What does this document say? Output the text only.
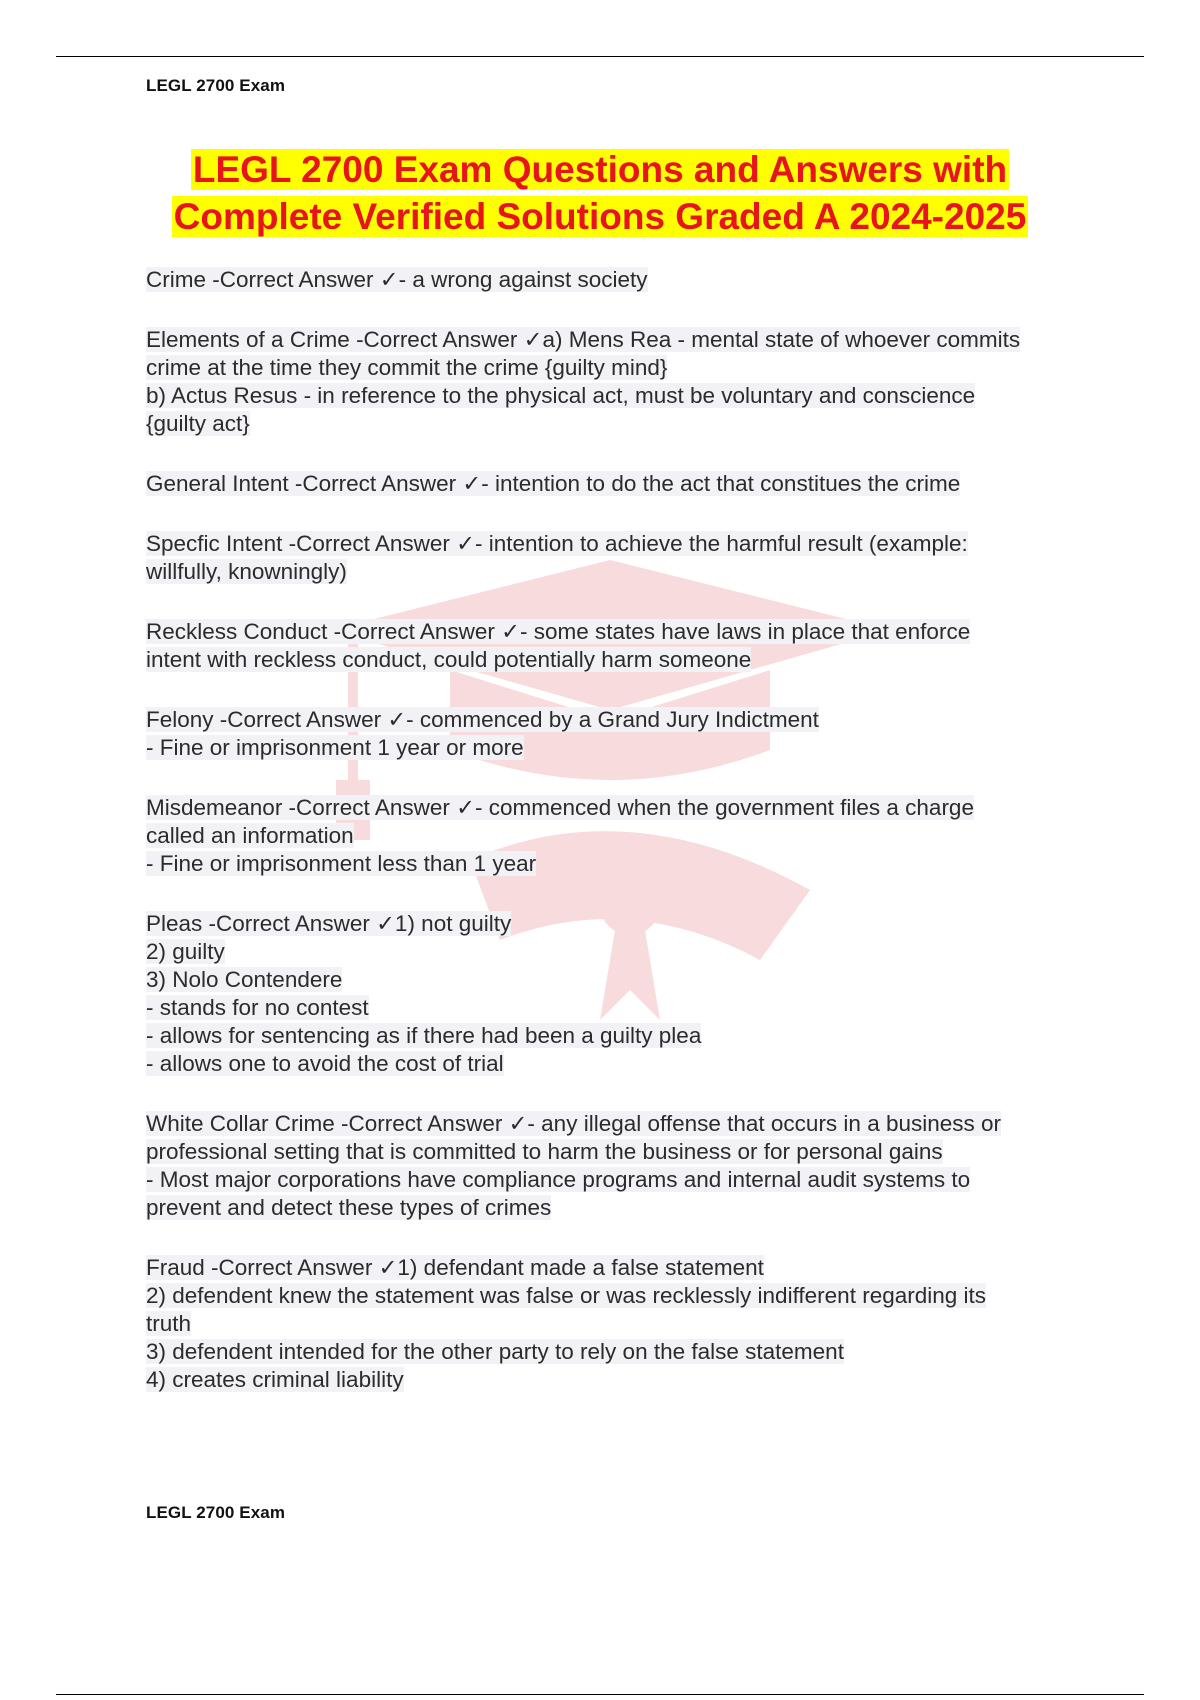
LEGL 2700 Exam
LEGL 2700 Exam Questions and Answers with
Complete Verified Solutions Graded A 2024-2025
Crime -Correct Answer ✓- a wrong against society
Elements of a Crime -Correct Answer ✓a) Mens Rea - mental state of whoever commits
crime at the time they commit the crime {guilty mind}
b) Actus Resus - in reference to the physical act, must be voluntary and conscience
{guilty act}
General Intent -Correct Answer ✓- intention to do the act that constitues the crime
Specfic Intent -Correct Answer ✓- intention to achieve the harmful result (example:
willfully, knowningly)
Reckless Conduct -Correct Answer ✓- some states have laws in place that enforce
intent with reckless conduct, could potentially harm someone
Felony -Correct Answer ✓- commenced by a Grand Jury Indictment
- Fine or imprisonment 1 year or more
Misdemeanor -Correct Answer ✓- commenced when the government files a charge
called an information
- Fine or imprisonment less than 1 year
Pleas -Correct Answer ✓1) not guilty
2) guilty
3) Nolo Contendere
- stands for no contest
- allows for sentencing as if there had been a guilty plea
- allows one to avoid the cost of trial
White Collar Crime -Correct Answer ✓- any illegal offense that occurs in a business or
professional setting that is committed to harm the business or for personal gains
- Most major corporations have compliance programs and internal audit systems to
prevent and detect these types of crimes
Fraud -Correct Answer ✓1) defendant made a false statement
2) defendent knew the statement was false or was recklessly indifferent regarding its
truth
3) defendent intended for the other party to rely on the false statement
4) creates criminal liability
LEGL 2700 Exam
